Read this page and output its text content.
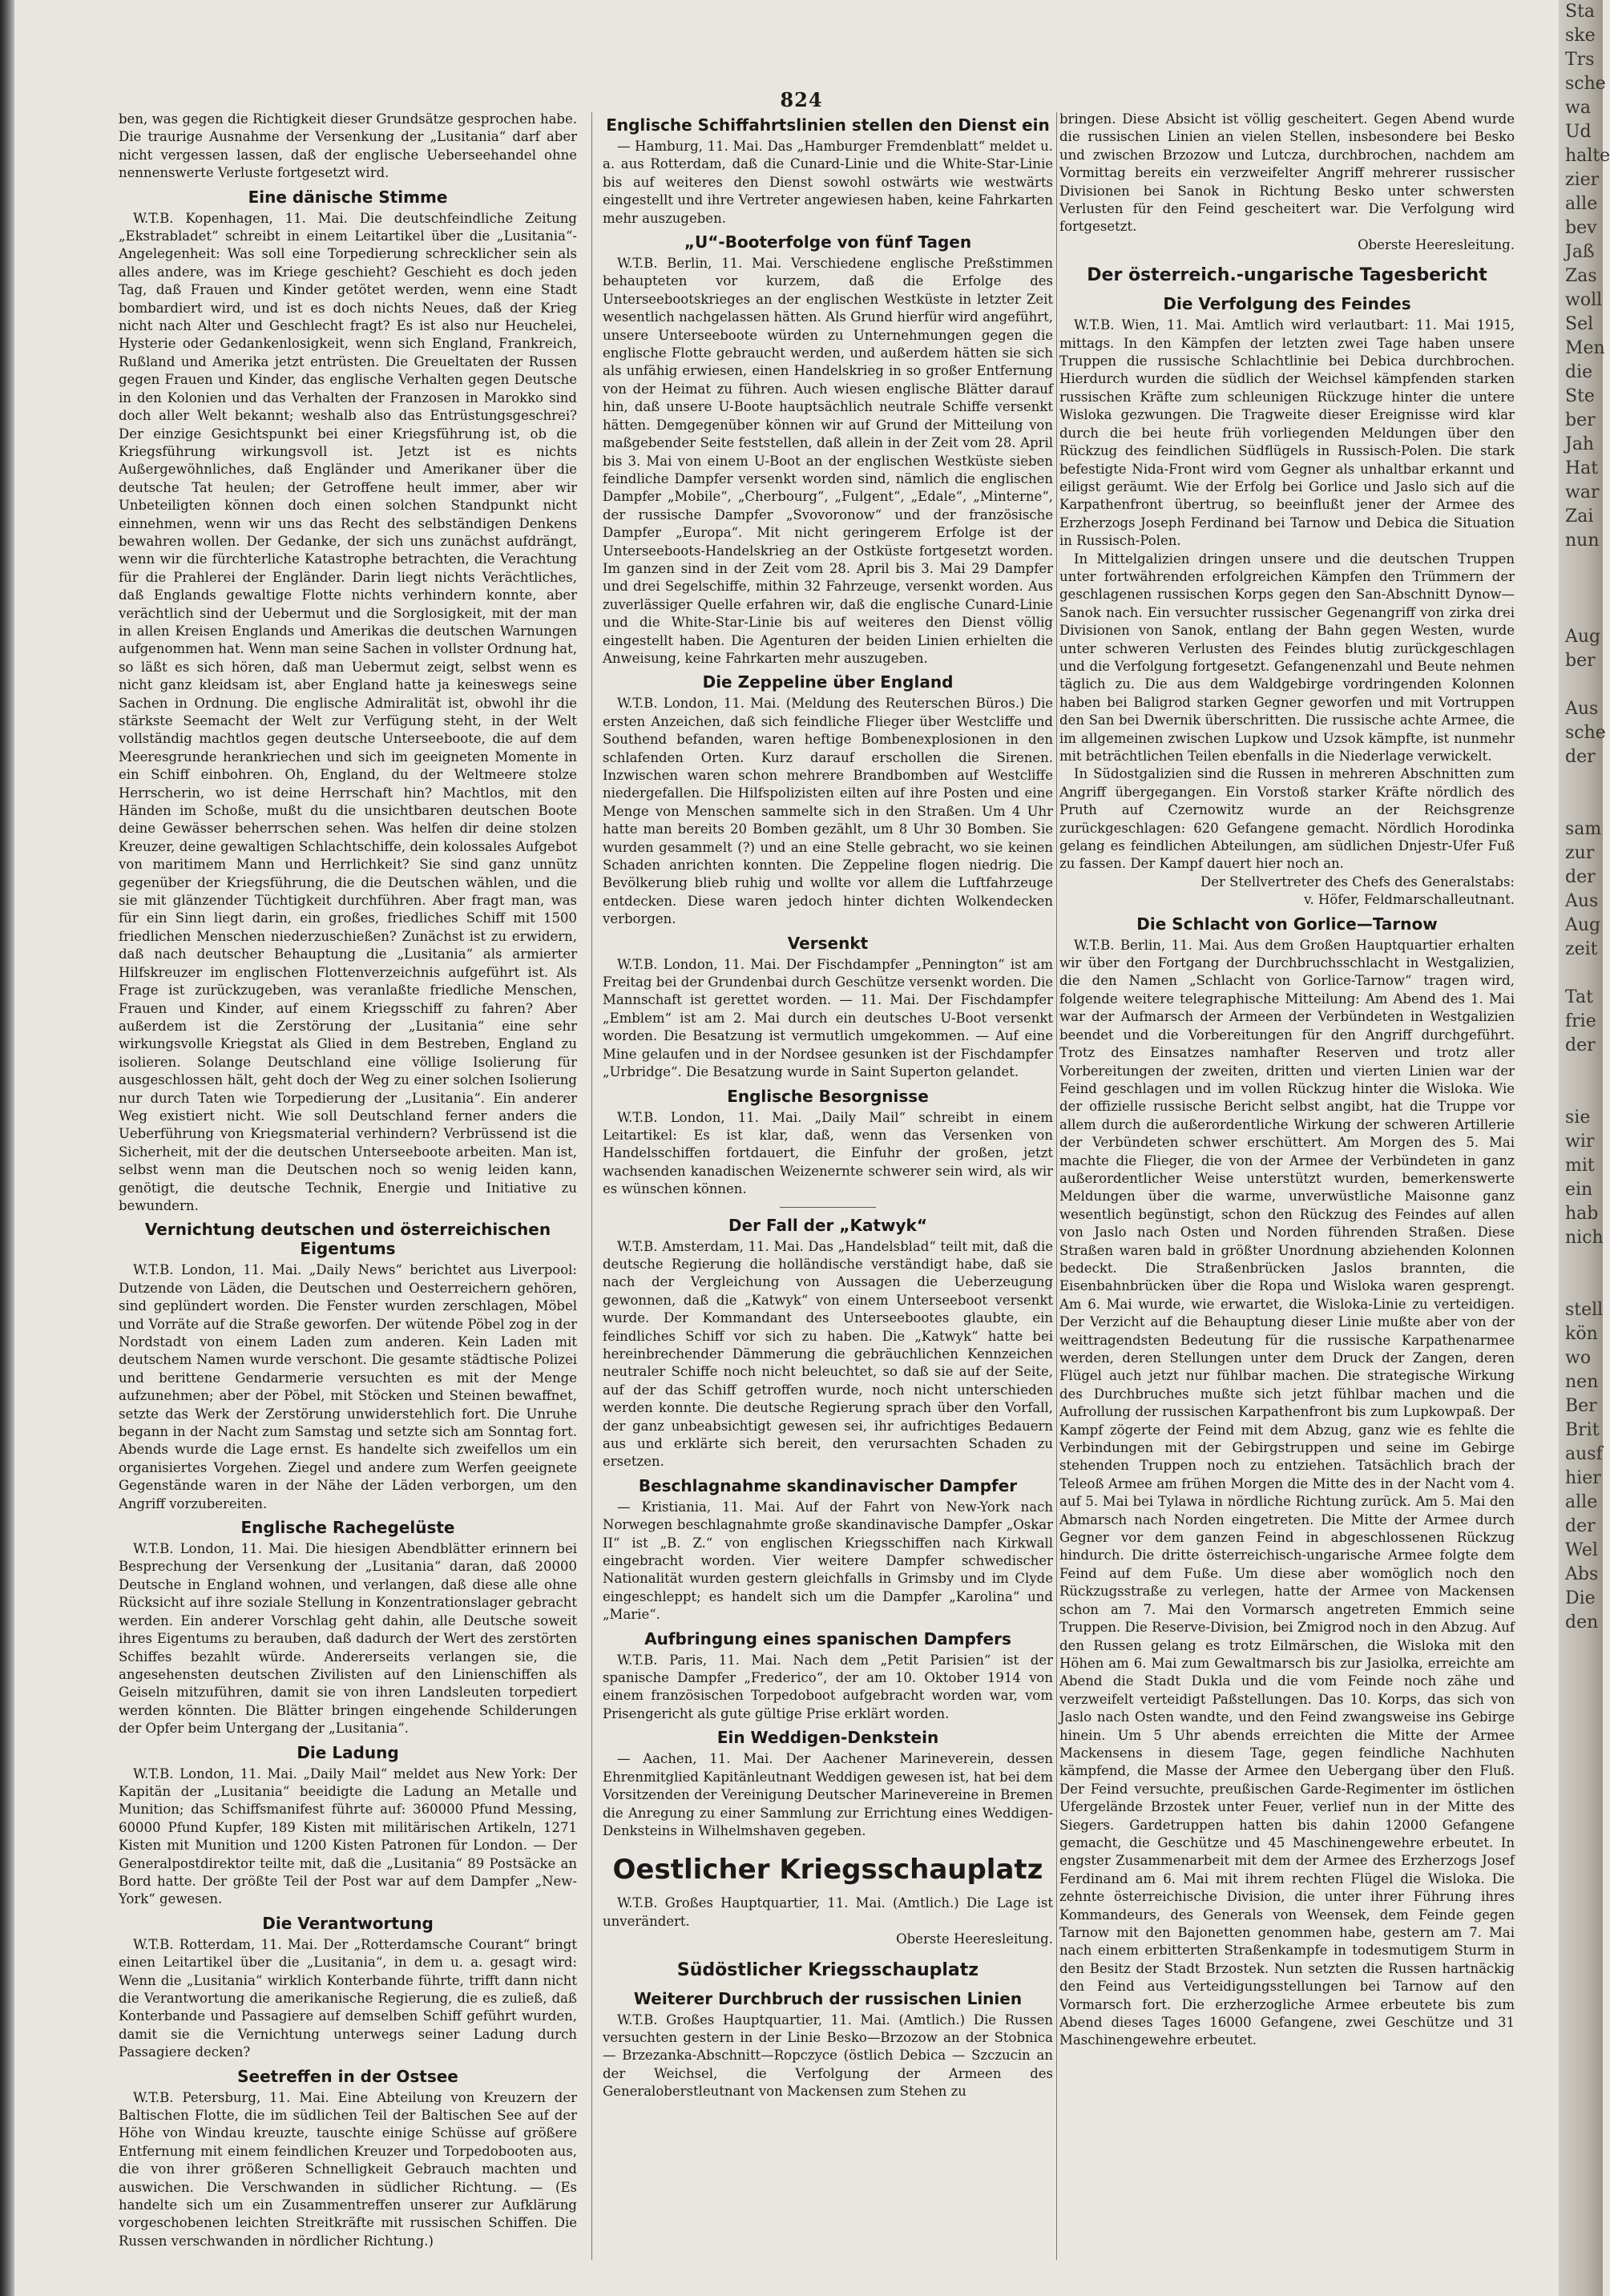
Sta
ske
Trs
sche
wa
Ud
halte
zier
alle
bev
Jaß
Zas
woll
Sel
Men
die
Ste
ber
Jah
Hat
war
Zai
nun

Aug
ber

Aus
sche
der

sam
zur
der
Aus
Aug
zeit

Tat
frie
der

sie
wir
mit
ein
hab
nich

stell
kön
wo
nen
Ber
Brit
ausf
hier
alle
der
Wel
Abs
Die
den
824

ben, was gegen die Richtigkeit dieser Grundsätze gesprochen habe. Die traurige Ausnahme der Versenkung der „Lusitania“ darf aber nicht vergessen lassen, daß der englische Ueberseehandel ohne nennenswerte Verluste fortgesetzt wird.

Eine dänische Stimme

W.T.B. Kopenhagen, 11. Mai. Die deutschfeindliche Zeitung „Ekstrabladet“ schreibt in einem Leitartikel über die „Lusitania“-Angelegenheit: Was soll eine Torpedierung schrecklicher sein als alles andere, was im Kriege geschieht? Geschieht es doch jeden Tag, daß Frauen und Kinder getötet werden, wenn eine Stadt bombardiert wird, und ist es doch nichts Neues, daß der Krieg nicht nach Alter und Geschlecht fragt? Es ist also nur Heuchelei, Hysterie oder Gedankenlosigkeit, wenn sich England, Frankreich, Rußland und Amerika jetzt entrüsten. Die Greueltaten der Russen gegen Frauen und Kinder, das englische Verhalten gegen Deutsche in den Kolonien und das Verhalten der Franzosen in Marokko sind doch aller Welt bekannt; weshalb also das Entrüstungsgeschrei? Der einzige Gesichtspunkt bei einer Kriegsführung ist, ob die Kriegsführung wirkungsvoll ist. Jetzt ist es nichts Außergewöhnliches, daß Engländer und Amerikaner über die deutsche Tat heulen; der Getroffene heult immer, aber wir Unbeteiligten können doch einen solchen Standpunkt nicht einnehmen, wenn wir uns das Recht des selbständigen Denkens bewahren wollen. Der Gedanke, der sich uns zunächst aufdrängt, wenn wir die fürchterliche Katastrophe betrachten, die Verachtung für die Prahlerei der Engländer. Darin liegt nichts Verächtliches, daß Englands gewaltige Flotte nichts verhindern konnte, aber verächtlich sind der Uebermut und die Sorglosigkeit, mit der man in allen Kreisen Englands und Amerikas die deutschen Warnungen aufgenommen hat. Wenn man seine Sachen in vollster Ordnung hat, so läßt es sich hören, daß man Uebermut zeigt, selbst wenn es nicht ganz kleidsam ist, aber England hatte ja keineswegs seine Sachen in Ordnung. Die englische Admiralität ist, obwohl ihr die stärkste Seemacht der Welt zur Verfügung steht, in der Welt vollständig machtlos gegen deutsche Unterseeboote, die auf dem Meeresgrunde herankriechen und sich im geeigneten Momente in ein Schiff einbohren. Oh, England, du der Weltmeere stolze Herrscherin, wo ist deine Herrschaft hin? Machtlos, mit den Händen im Schoße, mußt du die unsichtbaren deutschen Boote deine Gewässer beherrschen sehen. Was helfen dir deine stolzen Kreuzer, deine gewaltigen Schlachtschiffe, dein kolossales Aufgebot von maritimem Mann und Herrlichkeit? Sie sind ganz unnütz gegenüber der Kriegsführung, die die Deutschen wählen, und die sie mit glänzender Tüchtigkeit durchführen. Aber fragt man, was für ein Sinn liegt darin, ein großes, friedliches Schiff mit 1500 friedlichen Menschen niederzuschießen? Zunächst ist zu erwidern, daß nach deutscher Behauptung die „Lusitania“ als armierter Hilfskreuzer im englischen Flottenverzeichnis aufgeführt ist. Als Frage ist zurückzugeben, was veranlaßte friedliche Menschen, Frauen und Kinder, auf einem Kriegsschiff zu fahren? Aber außerdem ist die Zerstörung der „Lusitania“ eine sehr wirkungsvolle Kriegstat als Glied in dem Bestreben, England zu isolieren. Solange Deutschland eine völlige Isolierung für ausgeschlossen hält, geht doch der Weg zu einer solchen Isolierung nur durch Taten wie Torpedierung der „Lusitania“. Ein anderer Weg existiert nicht. Wie soll Deutschland ferner anders die Ueberführung von Kriegsmaterial verhindern? Verbrüssend ist die Sicherheit, mit der die deutschen Unterseeboote arbeiten. Man ist, selbst wenn man die Deutschen noch so wenig leiden kann, genötigt, die deutsche Technik, Energie und Initiative zu bewundern.

Vernichtung deutschen und österreichischen Eigentums

W.T.B. London, 11. Mai. „Daily News“ berichtet aus Liverpool: Dutzende von Läden, die Deutschen und Oesterreichern gehören, sind geplündert worden. Die Fenster wurden zerschlagen, Möbel und Vorräte auf die Straße geworfen. Der wütende Pöbel zog in der Nordstadt von einem Laden zum anderen. Kein Laden mit deutschem Namen wurde verschont. Die gesamte städtische Polizei und berittene Gendarmerie versuchten es mit der Menge aufzunehmen; aber der Pöbel, mit Stöcken und Steinen bewaffnet, setzte das Werk der Zerstörung unwiderstehlich fort. Die Unruhe begann in der Nacht zum Samstag und setzte sich am Sonntag fort. Abends wurde die Lage ernst. Es handelte sich zweifellos um ein organisiertes Vorgehen. Ziegel und andere zum Werfen geeignete Gegenstände waren in der Nähe der Läden verborgen, um den Angriff vorzubereiten.

Englische Rachegelüste

W.T.B. London, 11. Mai. Die hiesigen Abendblätter erinnern bei Besprechung der Versenkung der „Lusitania“ daran, daß 20000 Deutsche in England wohnen, und verlangen, daß diese alle ohne Rücksicht auf ihre soziale Stellung in Konzentrationslager gebracht werden. Ein anderer Vorschlag geht dahin, alle Deutsche soweit ihres Eigentums zu berauben, daß dadurch der Wert des zerstörten Schiffes bezahlt würde. Andererseits verlangen sie, die angesehensten deutschen Zivilisten auf den Linienschiffen als Geiseln mitzuführen, damit sie von ihren Landsleuten torpediert werden könnten. Die Blätter bringen eingehende Schilderungen der Opfer beim Untergang der „Lusitania“.

Die Ladung

W.T.B. London, 11. Mai. „Daily Mail“ meldet aus New York: Der Kapitän der „Lusitania“ beeidigte die Ladung an Metalle und Munition; das Schiffsmanifest führte auf: 360000 Pfund Messing, 60000 Pfund Kupfer, 189 Kisten mit militärischen Artikeln, 1271 Kisten mit Munition und 1200 Kisten Patronen für London. — Der Generalpostdirektor teilte mit, daß die „Lusitania“ 89 Postsäcke an Bord hatte. Der größte Teil der Post war auf dem Dampfer „New-York“ gewesen.

Die Verantwortung

W.T.B. Rotterdam, 11. Mai. Der „Rotterdamsche Courant“ bringt einen Leitartikel über die „Lusitania“, in dem u. a. gesagt wird: Wenn die „Lusitania“ wirklich Konterbande führte, trifft dann nicht die Verantwortung die amerikanische Regierung, die es zuließ, daß Konterbande und Passagiere auf demselben Schiff geführt wurden, damit sie die Vernichtung unterwegs seiner Ladung durch Passagiere decken?

Seetreffen in der Ostsee

W.T.B. Petersburg, 11. Mai. Eine Abteilung von Kreuzern der Baltischen Flotte, die im südlichen Teil der Baltischen See auf der Höhe von Windau kreuzte, tauschte einige Schüsse auf größere Entfernung mit einem feindlichen Kreuzer und Torpedobooten aus, die von ihrer größeren Schnelligkeit Gebrauch machten und auswichen. Die Verschwanden in südlicher Richtung. — (Es handelte sich um ein Zusammentreffen unserer zur Aufklärung vorgeschobenen leichten Streitkräfte mit russischen Schiffen. Die Russen verschwanden in nördlicher Richtung.)

Englische Schiffahrtslinien stellen den Dienst ein

— Hamburg, 11. Mai. Das „Hamburger Fremdenblatt“ meldet u. a. aus Rotterdam, daß die Cunard-Linie und die White-Star-Linie bis auf weiteres den Dienst sowohl ostwärts wie westwärts eingestellt und ihre Vertreter angewiesen haben, keine Fahrkarten mehr auszugeben.

„U“-Booterfolge von fünf Tagen

W.T.B. Berlin, 11. Mai. Verschiedene englische Preßstimmen behaupteten vor kurzem, daß die Erfolge des Unterseebootskrieges an der englischen Westküste in letzter Zeit wesentlich nachgelassen hätten. Als Grund hierfür wird angeführt, unsere Unterseeboote würden zu Unternehmungen gegen die englische Flotte gebraucht werden, und außerdem hätten sie sich als unfähig erwiesen, einen Handelskrieg in so großer Entfernung von der Heimat zu führen. Auch wiesen englische Blätter darauf hin, daß unsere U-Boote hauptsächlich neutrale Schiffe versenkt hätten. Demgegenüber können wir auf Grund der Mitteilung von maßgebender Seite feststellen, daß allein in der Zeit vom 28. April bis 3. Mai von einem U-Boot an der englischen Westküste sieben feindliche Dampfer versenkt worden sind, nämlich die englischen Dampfer „Mobile“, „Cherbourg“, „Fulgent“, „Edale“, „Minterne“, der russische Dampfer „Svovoronow“ und der französische Dampfer „Europa“. Mit nicht geringerem Erfolge ist der Unterseeboots-Handelskrieg an der Ostküste fortgesetzt worden. Im ganzen sind in der Zeit vom 28. April bis 3. Mai 29 Dampfer und drei Segelschiffe, mithin 32 Fahrzeuge, versenkt worden. Aus zuverlässiger Quelle erfahren wir, daß die englische Cunard-Linie und die White-Star-Linie bis auf weiteres den Dienst völlig eingestellt haben. Die Agenturen der beiden Linien erhielten die Anweisung, keine Fahrkarten mehr auszugeben.

Die Zeppeline über England

W.T.B. London, 11. Mai. (Meldung des Reuterschen Büros.) Die ersten Anzeichen, daß sich feindliche Flieger über Westcliffe und Southend befanden, waren heftige Bombenexplosionen in den schlafenden Orten. Kurz darauf erschollen die Sirenen. Inzwischen waren schon mehrere Brandbomben auf Westcliffe niedergefallen. Die Hilfspolizisten eilten auf ihre Posten und eine Menge von Menschen sammelte sich in den Straßen. Um 4 Uhr hatte man bereits 20 Bomben gezählt, um 8 Uhr 30 Bomben. Sie wurden gesammelt (?) und an eine Stelle gebracht, wo sie keinen Schaden anrichten konnten. Die Zeppeline flogen niedrig. Die Bevölkerung blieb ruhig und wollte vor allem die Luftfahrzeuge entdecken. Diese waren jedoch hinter dichten Wolkendecken verborgen.

Versenkt

W.T.B. London, 11. Mai. Der Fischdampfer „Pennington“ ist am Freitag bei der Grundenbai durch Geschütze versenkt worden. Die Mannschaft ist gerettet worden. — 11. Mai. Der Fischdampfer „Emblem“ ist am 2. Mai durch ein deutsches U-Boot versenkt worden. Die Besatzung ist vermutlich umgekommen. — Auf eine Mine gelaufen und in der Nordsee gesunken ist der Fischdampfer „Urbridge“. Die Besatzung wurde in Saint Superton gelandet.

Englische Besorgnisse

W.T.B. London, 11. Mai. „Daily Mail“ schreibt in einem Leitartikel: Es ist klar, daß, wenn das Versenken von Handelsschiffen fortdauert, die Einfuhr der großen, jetzt wachsenden kanadischen Weizenernte schwerer sein wird, als wir es wünschen können.

Der Fall der „Katwyk“

W.T.B. Amsterdam, 11. Mai. Das „Handelsblad“ teilt mit, daß die deutsche Regierung die holländische verständigt habe, daß sie nach der Vergleichung von Aussagen die Ueberzeugung gewonnen, daß die „Katwyk“ von einem Unterseeboot versenkt wurde. Der Kommandant des Unterseebootes glaubte, ein feindliches Schiff vor sich zu haben. Die „Katwyk“ hatte bei hereinbrechender Dämmerung die gebräuchlichen Kennzeichen neutraler Schiffe noch nicht beleuchtet, so daß sie auf der Seite, auf der das Schiff getroffen wurde, noch nicht unterschieden werden konnte. Die deutsche Regierung sprach über den Vorfall, der ganz unbeabsichtigt gewesen sei, ihr aufrichtiges Bedauern aus und erklärte sich bereit, den verursachten Schaden zu ersetzen.

Beschlagnahme skandinavischer Dampfer

— Kristiania, 11. Mai. Auf der Fahrt von New-York nach Norwegen beschlagnahmte große skandinavische Dampfer „Oskar II“ ist „B. Z.“ von englischen Kriegsschiffen nach Kirkwall eingebracht worden. Vier weitere Dampfer schwedischer Nationalität wurden gestern gleichfalls in Grimsby und im Clyde eingeschleppt; es handelt sich um die Dampfer „Karolina“ und „Marie“.

Aufbringung eines spanischen Dampfers

W.T.B. Paris, 11. Mai. Nach dem „Petit Parisien“ ist der spanische Dampfer „Frederico“, der am 10. Oktober 1914 von einem französischen Torpedoboot aufgebracht worden war, vom Prisengericht als gute gültige Prise erklärt worden.

Ein Weddigen-Denkstein

— Aachen, 11. Mai. Der Aachener Marineverein, dessen Ehrenmitglied Kapitänleutnant Weddigen gewesen ist, hat bei dem Vorsitzenden der Vereinigung Deutscher Marinevereine in Bremen die Anregung zu einer Sammlung zur Errichtung eines Weddigen-Denksteins in Wilhelmshaven gegeben.

Oestlicher Kriegsschauplatz

W.T.B. Großes Hauptquartier, 11. Mai. (Amtlich.) Die Lage ist unverändert.

Oberste Heeresleitung.

Südöstlicher Kriegsschauplatz
Weiterer Durchbruch der russischen Linien

W.T.B. Großes Hauptquartier, 11. Mai. (Amtlich.) Die Russen versuchten gestern in der Linie Besko—Brzozow an der Stobnica — Brzezanka-Abschnitt—Ropczyce (östlich Debica — Szczucin an der Weichsel, die Verfolgung der Armeen des Generaloberstleutnant von Mackensen zum Stehen zu

bringen. Diese Absicht ist völlig gescheitert. Gegen Abend wurde die russischen Linien an vielen Stellen, insbesondere bei Besko und zwischen Brzozow und Lutcza, durchbrochen, nachdem am Vormittag bereits ein verzweifelter Angriff mehrerer russischer Divisionen bei Sanok in Richtung Besko unter schwersten Verlusten für den Feind gescheitert war. Die Verfolgung wird fortgesetzt.

Oberste Heeresleitung.

Der österreich.-ungarische Tagesbericht
Die Verfolgung des Feindes

W.T.B. Wien, 11. Mai. Amtlich wird verlautbart: 11. Mai 1915, mittags. In den Kämpfen der letzten zwei Tage haben unsere Truppen die russische Schlachtlinie bei Debica durchbrochen. Hierdurch wurden die südlich der Weichsel kämpfenden starken russischen Kräfte zum schleunigen Rückzuge hinter die untere Wisloka gezwungen. Die Tragweite dieser Ereignisse wird klar durch die bei heute früh vorliegenden Meldungen über den Rückzug des feindlichen Südflügels in Russisch-Polen. Die stark befestigte Nida-Front wird vom Gegner als unhaltbar erkannt und eiligst geräumt. Wie der Erfolg bei Gorlice und Jaslo sich auf die Karpathenfront übertrug, so beeinflußt jener der Armee des Erzherzogs Joseph Ferdinand bei Tarnow und Debica die Situation in Russisch-Polen.

In Mittelgalizien dringen unsere und die deutschen Truppen unter fortwährenden erfolgreichen Kämpfen den Trümmern der geschlagenen russischen Korps gegen den San-Abschnitt Dynow—Sanok nach. Ein versuchter russischer Gegenangriff von zirka drei Divisionen von Sanok, entlang der Bahn gegen Westen, wurde unter schweren Verlusten des Feindes blutig zurückgeschlagen und die Verfolgung fortgesetzt. Gefangenenzahl und Beute nehmen täglich zu. Die aus dem Waldgebirge vordringenden Kolonnen haben bei Baligrod starken Gegner geworfen und mit Vortruppen den San bei Dwernik überschritten. Die russische achte Armee, die im allgemeinen zwischen Lupkow und Uzsok kämpfte, ist nunmehr mit beträchtlichen Teilen ebenfalls in die Niederlage verwickelt.

In Südostgalizien sind die Russen in mehreren Abschnitten zum Angriff übergegangen. Ein Vorstoß starker Kräfte nördlich des Pruth auf Czernowitz wurde an der Reichsgrenze zurückgeschlagen: 620 Gefangene gemacht. Nördlich Horodinka gelang es feindlichen Abteilungen, am südlichen Dnjestr-Ufer Fuß zu fassen. Der Kampf dauert hier noch an.

Der Stellvertreter des Chefs des Generalstabs:

v. Höfer, Feldmarschalleutnant.

Die Schlacht von Gorlice—Tarnow

W.T.B. Berlin, 11. Mai. Aus dem Großen Hauptquartier erhalten wir über den Fortgang der Durchbruchsschlacht in Westgalizien, die den Namen „Schlacht von Gorlice-Tarnow“ tragen wird, folgende weitere telegraphische Mitteilung: Am Abend des 1. Mai war der Aufmarsch der Armeen der Verbündeten in Westgalizien beendet und die Vorbereitungen für den Angriff durchgeführt. Trotz des Einsatzes namhafter Reserven und trotz aller Vorbereitungen der zweiten, dritten und vierten Linien war der Feind geschlagen und im vollen Rückzug hinter die Wisloka. Wie der offizielle russische Bericht selbst angibt, hat die Truppe vor allem durch die außerordentliche Wirkung der schweren Artillerie der Verbündeten schwer erschüttert. Am Morgen des 5. Mai machte die Flieger, die von der Armee der Verbündeten in ganz außerordentlicher Weise unterstützt wurden, bemerkenswerte Meldungen über die warme, unverwüstliche Maisonne ganz wesentlich begünstigt, schon den Rückzug des Feindes auf allen von Jaslo nach Osten und Norden führenden Straßen. Diese Straßen waren bald in größter Unordnung abziehenden Kolonnen bedeckt. Die Straßenbrücken Jaslos brannten, die Eisenbahnbrücken über die Ropa und Wisloka waren gesprengt. Am 6. Mai wurde, wie erwartet, die Wisloka-Linie zu verteidigen. Der Verzicht auf die Behauptung dieser Linie mußte aber von der weittragendsten Bedeutung für die russische Karpathenarmee werden, deren Stellungen unter dem Druck der Zangen, deren Flügel auch jetzt nur fühlbar machen. Die strategische Wirkung des Durchbruches mußte sich jetzt fühlbar machen und die Aufrollung der russischen Karpathenfront bis zum Lupkowpaß. Der Kampf zögerte der Feind mit dem Abzug, ganz wie es fehlte die Verbindungen mit der Gebirgstruppen und seine im Gebirge stehenden Truppen noch zu entziehen. Tatsächlich brach der Teleoß Armee am frühen Morgen die Mitte des in der Nacht vom 4. auf 5. Mai bei Tylawa in nördliche Richtung zurück. Am 5. Mai den Abmarsch nach Norden eingetreten. Die Mitte der Armee durch Gegner vor dem ganzen Feind in abgeschlossenen Rückzug hindurch. Die dritte österreichisch-ungarische Armee folgte dem Feind auf dem Fuße. Um diese aber womöglich noch den Rückzugsstraße zu verlegen, hatte der Armee von Mackensen schon am 7. Mai den Vormarsch angetreten Emmich seine Truppen. Die Reserve-Division, bei Zmigrod noch in den Abzug. Auf den Russen gelang es trotz Eilmärschen, die Wisloka mit den Höhen am 6. Mai zum Gewaltmarsch bis zur Jasiolka, erreichte am Abend die Stadt Dukla und die vom Feinde noch zähe und verzweifelt verteidigt Paßstellungen. Das 10. Korps, das sich von Jaslo nach Osten wandte, und den Feind zwangsweise ins Gebirge hinein. Um 5 Uhr abends erreichten die Mitte der Armee Mackensens in diesem Tage, gegen feindliche Nachhuten kämpfend, die Masse der Armee den Uebergang über den Fluß. Der Feind versuchte, preußischen Garde-Regimenter im östlichen Ufergelände Brzostek unter Feuer, verlief nun in der Mitte des Siegers. Gardetruppen hatten bis dahin 12000 Gefangene gemacht, die Geschütze und 45 Maschinengewehre erbeutet. In engster Zusammenarbeit mit dem der Armee des Erzherzogs Josef Ferdinand am 6. Mai mit ihrem rechten Flügel die Wisloka. Die zehnte österreichische Division, die unter ihrer Führung ihres Kommandeurs, des Generals von Weensek, dem Feinde gegen Tarnow mit den Bajonetten genommen habe, gestern am 7. Mai nach einem erbitterten Straßenkampfe in todesmutigem Sturm in den Besitz der Stadt Brzostek. Nun setzten die Russen hartnäckig den Feind aus Verteidigungsstellungen bei Tarnow auf den Vormarsch fort. Die erzherzogliche Armee erbeutete bis zum Abend dieses Tages 16000 Gefangene, zwei Geschütze und 31 Maschinengewehre erbeutet.
